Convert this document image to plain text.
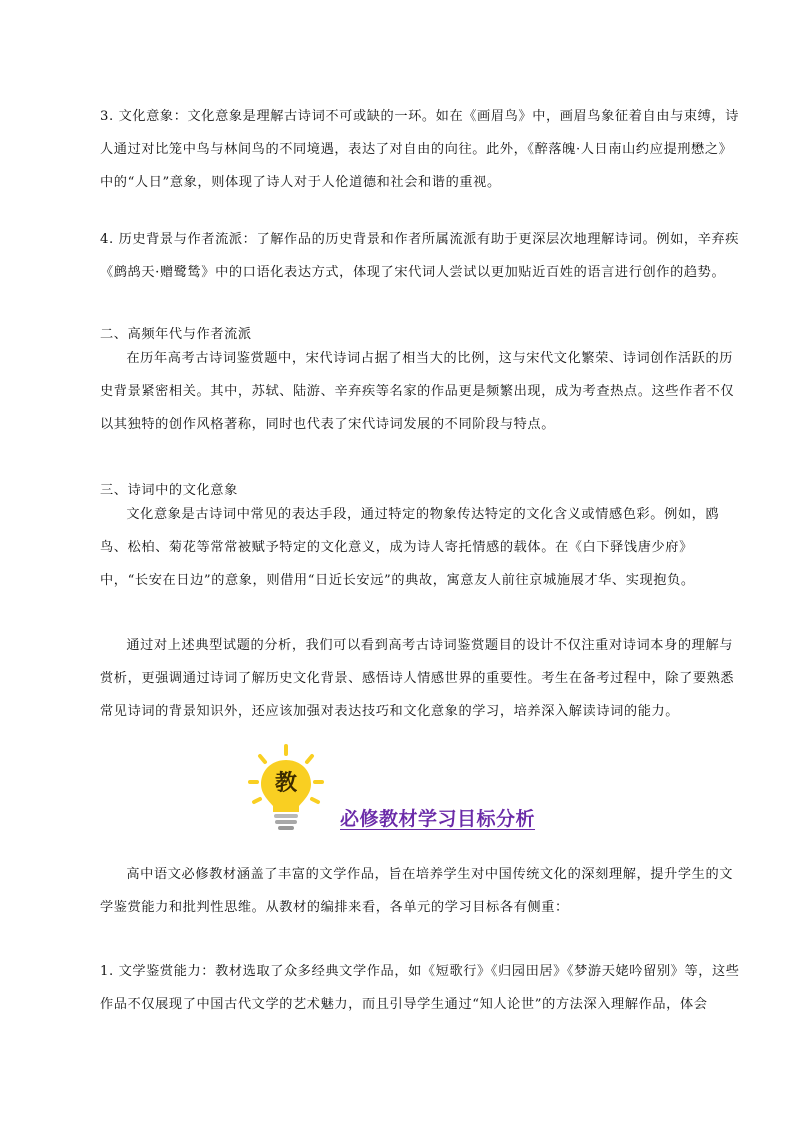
3. 文化意象：文化意象是理解古诗词不可或缺的一环。如在《画眉鸟》中，画眉鸟象征着自由与束缚，诗人通过对比笼中鸟与林间鸟的不同境遇，表达了对自由的向往。此外，《醉落魄·人日南山约应提刑懋之》中的“人日”意象，则体现了诗人对于人伦道德和社会和谐的重视。

4. 历史背景与作者流派：了解作品的历史背景和作者所属流派有助于更深层次地理解诗词。例如，辛弃疾《鹧鸪天·赠鹭鸶》中的口语化表达方式，体现了宋代词人尝试以更加贴近百姓的语言进行创作的趋势。

二、高频年代与作者流派

在历年高考古诗词鉴赏题中，宋代诗词占据了相当大的比例，这与宋代文化繁荣、诗词创作活跃的历史背景紧密相关。其中，苏轼、陆游、辛弃疾等名家的作品更是频繁出现，成为考查热点。这些作者不仅以其独特的创作风格著称，同时也代表了宋代诗词发展的不同阶段与特点。

三、诗词中的文化意象

文化意象是古诗词中常见的表达手段，通过特定的物象传达特定的文化含义或情感色彩。例如，鸥鸟、松柏、菊花等常常被赋予特定的文化意义，成为诗人寄托情感的载体。在《白下驿饯唐少府》中，“长安在日边”的意象，则借用“日近长安远”的典故，寓意友人前往京城施展才华、实现抱负。

通过对上述典型试题的分析，我们可以看到高考古诗词鉴赏题目的设计不仅注重对诗词本身的理解与赏析，更强调通过诗词了解历史文化背景、感悟诗人情感世界的重要性。考生在备考过程中，除了要熟悉常见诗词的背景知识外，还应该加强对表达技巧和文化意象的学习，培养深入解读诗词的能力。

教
必修教材学习目标分析

高中语文必修教材涵盖了丰富的文学作品，旨在培养学生对中国传统文化的深刻理解，提升学生的文学鉴赏能力和批判性思维。从教材的编排来看，各单元的学习目标各有侧重：

1. 文学鉴赏能力：教材选取了众多经典文学作品，如《短歌行》《归园田居》《梦游天姥吟留别》等，这些作品不仅展现了中国古代文学的艺术魅力，而且引导学生通过“知人论世”的方法深入理解作品，体会
